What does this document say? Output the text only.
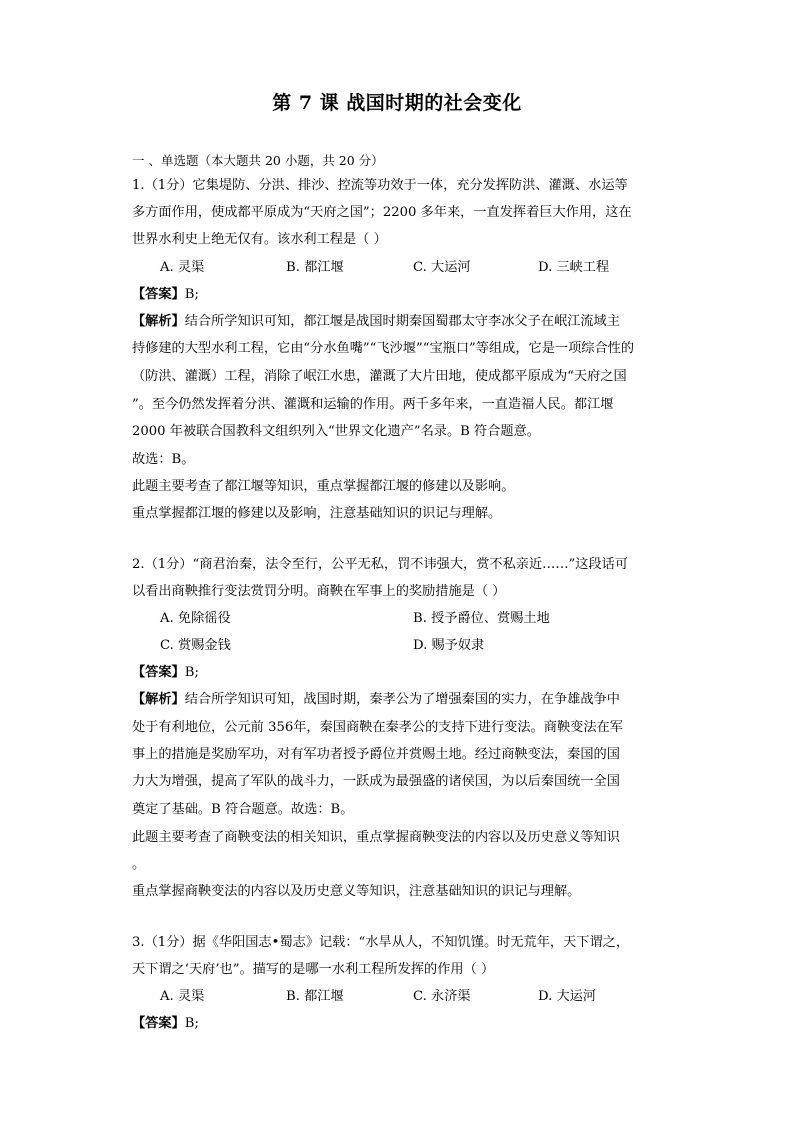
第 7 课 战国时期的社会变化
一 、单选题（本大题共 20 小题，共 20 分）
1.（1分）它集堤防、分洪、排沙、控流等功效于一体，充分发挥防洪、灌溉、水运等
多方面作用，使成都平原成为“天府之国”；2200 多年来，一直发挥着巨大作用，这在
世界水利史上绝无仅有。该水利工程是（ ）
A. 灵渠	B. 都江堰	C. 大运河	D. 三峡工程
【答案】B;
【解析】结合所学知识可知，都江堰是战国时期秦国蜀郡太守李冰父子在岷江流域主
持修建的大型水利工程，它由“分水鱼嘴”“飞沙堰”“宝瓶口”等组成，它是一项综合性的
（防洪、灌溉）工程，消除了岷江水患，灌溉了大片田地，使成都平原成为“天府之国
”。至今仍然发挥着分洪、灌溉和运输的作用。两千多年来，一直造福人民。都江堰
2000 年被联合国教科文组织列入“世界文化遗产”名录。B 符合题意。
故选：B。
此题主要考查了都江堰等知识，重点掌握都江堰的修建以及影响。
重点掌握都江堰的修建以及影响，注意基础知识的识记与理解。
2.（1分）“商君治秦，法令至行，公平无私，罚不讳强大，赏不私亲近……”这段话可
以看出商鞅推行变法赏罚分明。商鞅在军事上的奖励措施是（ ）
A. 免除徭役	B. 授予爵位、赏赐土地
C. 赏赐金钱	D. 赐予奴隶
【答案】B;
【解析】结合所学知识可知，战国时期，秦孝公为了增强秦国的实力，在争雄战争中
处于有利地位，公元前 356年，秦国商鞅在秦孝公的支持下进行变法。商鞅变法在军
事上的措施是奖励军功，对有军功者授予爵位并赏赐土地。经过商鞅变法，秦国的国
力大为增强，提高了军队的战斗力，一跃成为最强盛的诸侯国，为以后秦国统一全国
奠定了基础。B 符合题意。故选：B。
此题主要考查了商鞅变法的相关知识，重点掌握商鞅变法的内容以及历史意义等知识
。
重点掌握商鞅变法的内容以及历史意义等知识，注意基础知识的识记与理解。
3.（1分）据《华阳国志•蜀志》记载：“水旱从人，不知饥馑。时无荒年，天下谓之，
天下谓之‘天府’也”。描写的是哪一水利工程所发挥的作用（ ）
A. 灵渠	B. 都江堰	C. 永济渠	D. 大运河
【答案】B;
